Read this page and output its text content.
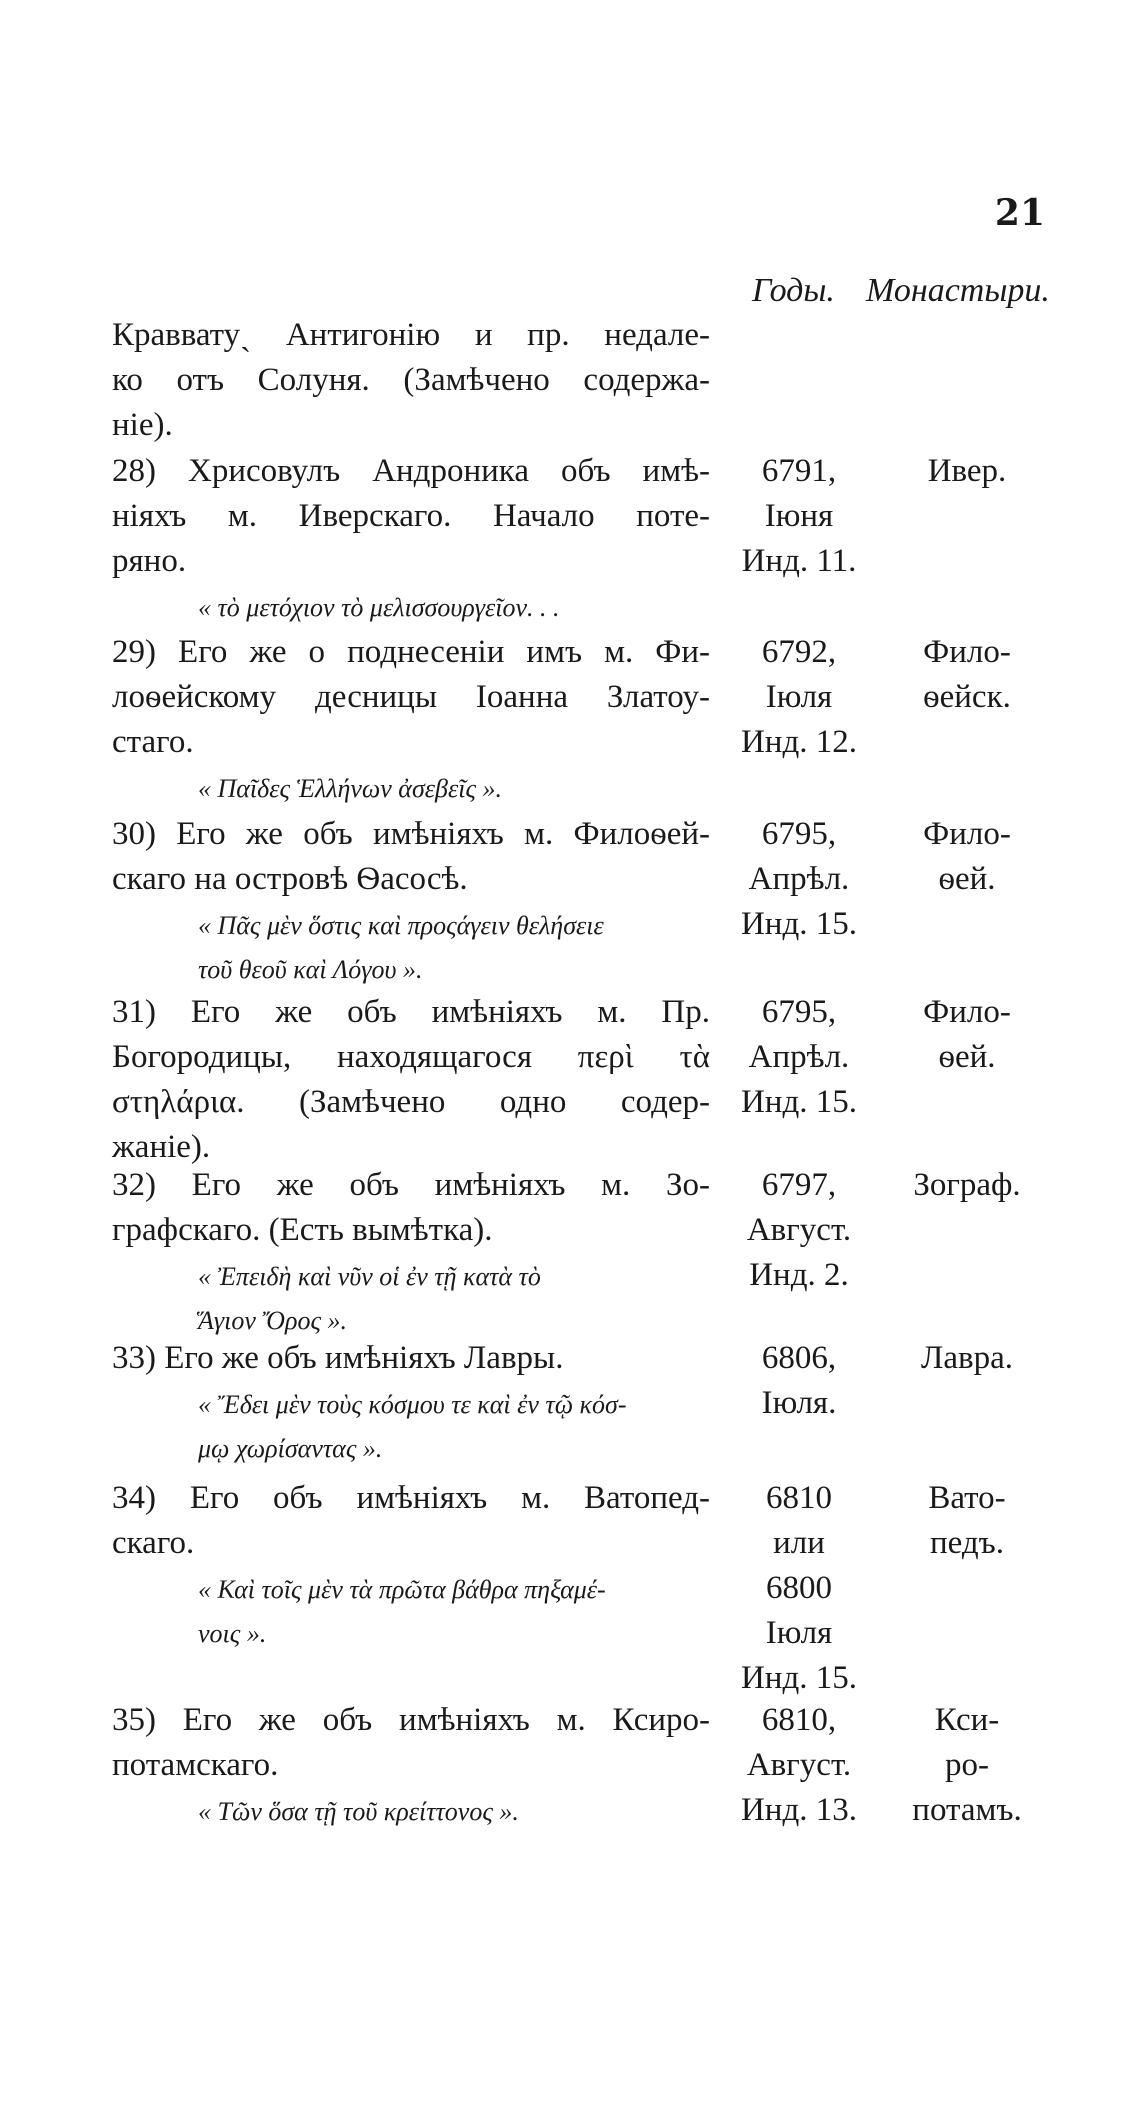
21
Годы. Монастыри.
Кравватуˏ Антигонію и пр. недале-
ко отъ Солуня. (Замѣчено содержа-
ніе).
28) Хрисовулъ Андроника объ имѣ-
ніяхъ м. Иверскаго. Начало поте-
ряно.
« τὸ μετόχιον τὸ μελισσουργεῖον. . .
6791,
Іюня
Инд. 11.
Ивер.
29) Его же о поднесеніи имъ м. Фи-
лоѳейскому десницы Іоанна Златоу-
стаго.
« Παῖδες Ἑλλήνων ἀσεβεῖς ».
6792,
Іюля
Инд. 12.
Фило-
ѳейск.
30) Его же объ имѣніяхъ м. Филоѳей-
скаго на островѣ Ѳасосѣ.
« Πᾶς μὲν ὅστις καὶ προςάγειν θελήσειε
τοῦ θεοῦ καὶ Λόγου ».
6795,
Апрѣл.
Инд. 15.
Фило-
ѳей.
31) Его же объ имѣніяхъ м. Пр.
Богородицы, находящагося περὶ τὰ
στηλάρια. (Замѣчено одно содер-
жаніе).
6795,
Апрѣл.
Инд. 15.
Фило-
ѳей.
32) Его же объ имѣніяхъ м. Зо-
графскаго. (Есть вымѣтка).
« Ἐπειδὴ καὶ νῦν οἱ ἐν τῇ κατὰ τὸ
Ἅγιον Ὄρος ».
6797,
Август.
Инд. 2.
Зограф.
33) Его же объ имѣніяхъ Лавры.
« Ἔδει μὲν τοὺς κόσμου τε καὶ ἐν τῷ κόσ-
μῳ χωρίσαντας ».
6806,
Іюля.
Лавра.
34) Его объ имѣніяхъ м. Ватопед-
скаго.
« Καὶ τοῖς μὲν τὰ πρῶτα βάθρα πηξαμέ-
νοις ».
6810
или
6800
Іюля
Инд. 15.
Вато-
педъ.
35) Его же объ имѣніяхъ м. Ксиро-
потамскаго.
« Τῶν ὅσα τῇ τοῦ κρείττονος ».
6810,
Август.
Инд. 13.
Кси-
ро-
потамъ.
